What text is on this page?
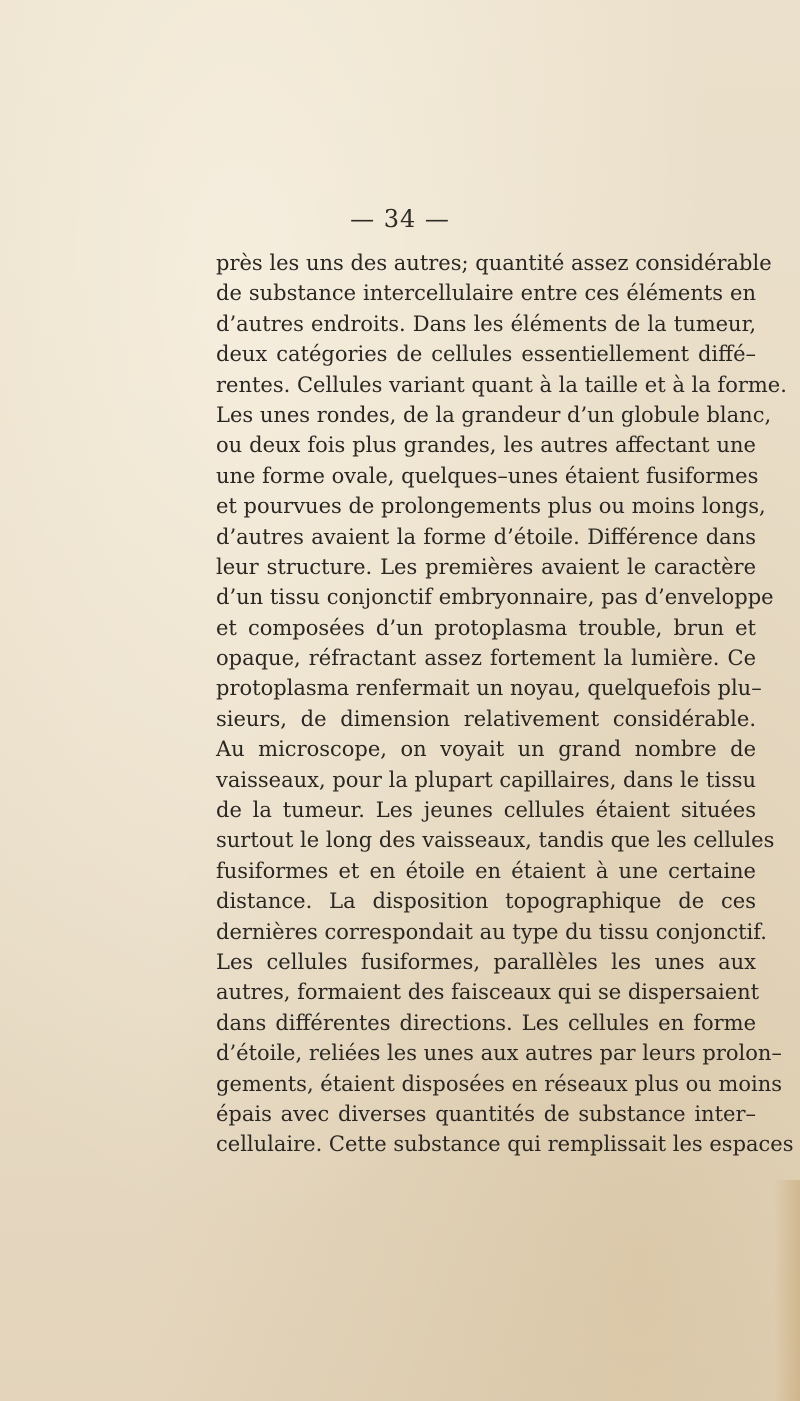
— 34 —
près les uns des autres; quantité assez considérable
de substance intercellulaire entre ces éléments en
d’autres endroits. Dans les éléments de la tumeur,
deux catégories de cellules essentiellement diffé–
rentes. Cellules variant quant à la taille et à la forme.
Les unes rondes, de la grandeur d’un globule blanc,
ou deux fois plus grandes, les autres affectant une
une forme ovale, quelques–unes étaient fusiformes
et pourvues de prolongements plus ou moins longs,
d’autres avaient la forme d’étoile. Différence dans
leur structure. Les premières avaient le caractère
d’un tissu conjonctif embryonnaire, pas d’enveloppe
et composées d’un protoplasma trouble, brun et
opaque, réfractant assez fortement la lumière. Ce
protoplasma renfermait un noyau, quelquefois plu–
sieurs, de dimension relativement considérable.
Au microscope, on voyait un grand nombre de
vaisseaux, pour la plupart capillaires, dans le tissu
de la tumeur. Les jeunes cellules étaient situées
surtout le long des vaisseaux, tandis que les cellules
fusiformes et en étoile en étaient à une certaine
distance. La disposition topographique de ces
dernières correspondait au type du tissu conjonctif.
Les cellules fusiformes, parallèles les unes aux
autres, formaient des faisceaux qui se dispersaient
dans différentes directions. Les cellules en forme
d’étoile, reliées les unes aux autres par leurs prolon–
gements, étaient disposées en réseaux plus ou moins
épais avec diverses quantités de substance inter–
cellulaire. Cette substance qui remplissait les espaces
